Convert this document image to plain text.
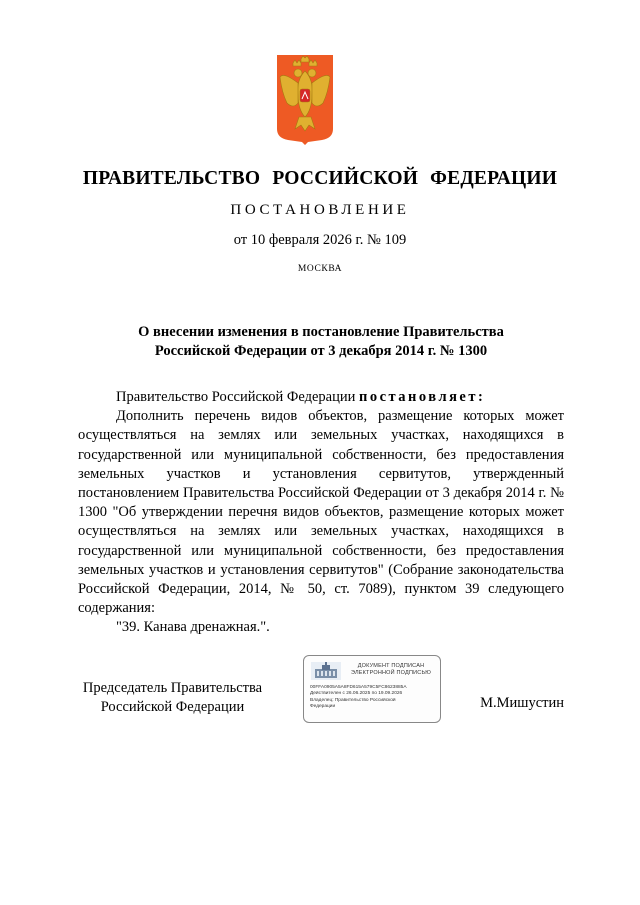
ПРАВИТЕЛЬСТВО РОССИЙСКОЙ ФЕДЕРАЦИИ
ПОСТАНОВЛЕНИЕ
от 10 февраля 2026 г. № 109
МОСКВА
О внесении изменения в постановление Правительства
Российской Федерации от 3 декабря 2014 г. № 1300

Правительство Российской Федерации постановляет:

Дополнить перечень видов объектов, размещение которых может осуществляться на землях или земельных участках, находящихся в государственной или муниципальной собственности, без предоставления земельных участков и установления сервитутов, утвержденный постановлением Правительства Российской Федерации от 3 декабря 2014 г. № 1300 "Об утверждении перечня видов объектов, размещение которых может осуществляться на землях или земельных участках, находящихся в государственной или муниципальной собственности, без предоставления земельных участков и установления сервитутов" (Собрание законодательства Российской Федерации, 2014, № 50, ст. 7089), пунктом 39 следующего содержания:

"39. Канава дренажная.".

Председатель Правительства
Российской Федерации
ДОКУМЕНТ ПОДПИСАН
ЭЛЕКТРОННОЙ ПОДПИСЬЮ
00FFA0905A5A8FD615A579C5FC8623885A
Действителен с 26.06.2025 по 19.09.2026
Владелец: Правительство Российской
Федерации	М.Мишустин
